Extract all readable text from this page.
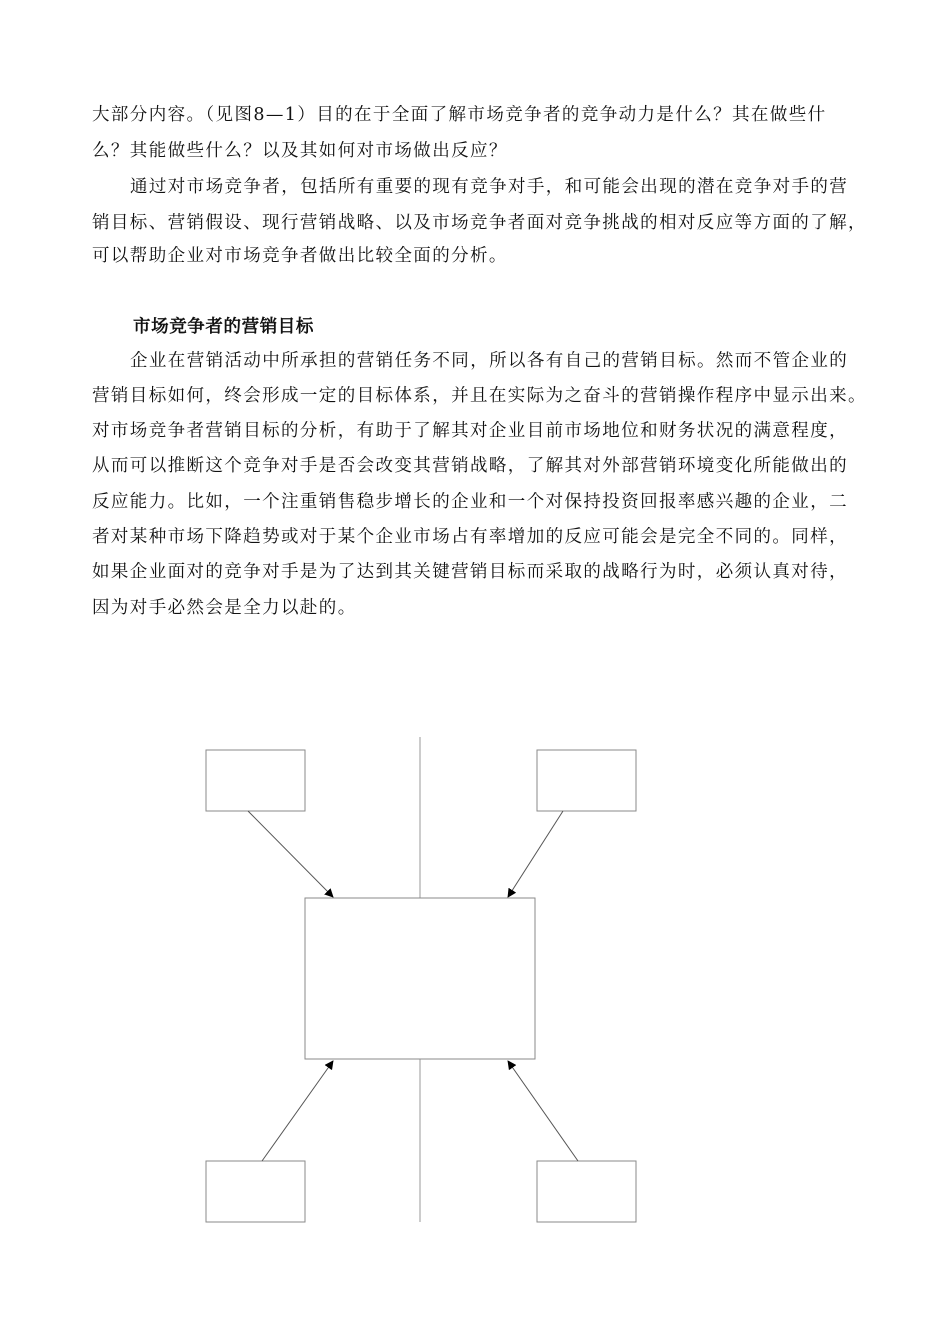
大部分内容。（见图8—1）目的在于全面了解市场竞争者的竞争动力是什么？其在做些什
么？其能做些什么？以及其如何对市场做出反应？
通过对市场竞争者，包括所有重要的现有竞争对手，和可能会出现的潜在竞争对手的营
销目标、营销假设、现行营销战略、以及市场竞争者面对竞争挑战的相对反应等方面的了解，
可以帮助企业对市场竞争者做出比较全面的分析。
市场竞争者的营销目标
企业在营销活动中所承担的营销任务不同，所以各有自己的营销目标。然而不管企业的
营销目标如何，终会形成一定的目标体系，并且在实际为之奋斗的营销操作程序中显示出来。
对市场竞争者营销目标的分析，有助于了解其对企业目前市场地位和财务状况的满意程度，
从而可以推断这个竞争对手是否会改变其营销战略，了解其对外部营销环境变化所能做出的
反应能力。比如，一个注重销售稳步增长的企业和一个对保持投资回报率感兴趣的企业，二
者对某种市场下降趋势或对于某个企业市场占有率增加的反应可能会是完全不同的。同样，
如果企业面对的竞争对手是为了达到其关键营销目标而采取的战略行为时，必须认真对待，
因为对手必然会是全力以赴的。
